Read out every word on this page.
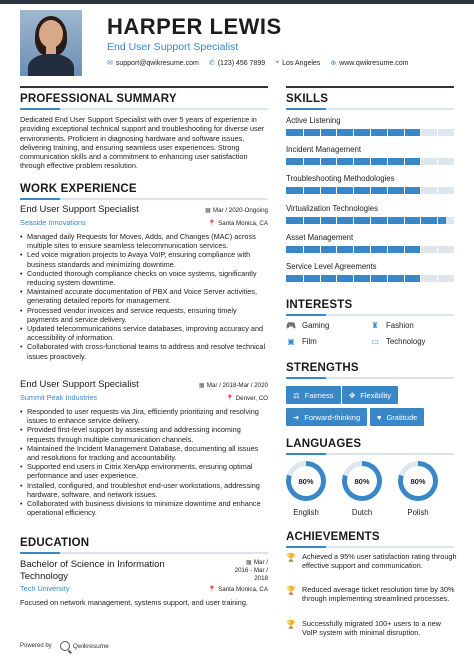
HARPER LEWIS
End User Support Specialist
✉ support@qwikresume.com ✆ (123) 456 7899 ⌖ Los Angeles ⊕ www.qwikresume.com
PROFESSIONAL SUMMARY
Dedicated End User Support Specialist with over 5 years of experience in providing exceptional technical support and troubleshooting for diverse user environments. Proficient in diagnosing hardware and software issues, delivering training, and ensuring seamless user experiences. Strong communication skills and a commitment to enhancing user satisfaction through effective problem resolution.
WORK EXPERIENCE
End User Support Specialist	▦ Mar / 2020-Ongoing
Seaside Innovations	📍 Santa Monica, CA
• Managed daily Requests for Moves, Adds, and Changes (MAC) across multiple sites to ensure seamless telecommunication services.
• Led voice migration projects to Avaya VoIP, ensuring compliance with business standards and minimizing downtime.
• Conducted thorough compliance checks on voice systems, significantly reducing system downtime.
• Maintained accurate documentation of PBX and Voice Server activities, generating detailed reports for management.
• Processed vendor invoices and service requests, ensuring timely payments and service delivery.
• Updated telecommunications service databases, improving accuracy and accessibility of information.
• Collaborated with cross-functional teams to address and resolve technical issues proactively.
End User Support Specialist	▦ Mar / 2018-Mar / 2020
Summit Peak Industries	📍 Denver, CO
• Responded to user requests via Jira, efficiently prioritizing and resolving issues to enhance service delivery.
• Provided first-level support by assessing and addressing incoming requests through multiple communication channels.
• Maintained the Incident Management Database, documenting all issues and resolutions for tracking and accountability.
• Supported end users in Citrix XenApp environments, ensuring optimal performance and user experience.
• Installed, configured, and troubleshot end-user workstations, addressing hardware, software, and network issues.
• Collaborated with business divisions to minimize downtime and enhance operational efficiency.
EDUCATION
Bachelor of Science in Information
Technology
▦ Mar /
2016 - Mar /
2018
Tech University	📍 Santa Monica, CA
Focused on network management, systems support, and user training.
SKILLS
Active Listening
Incident Management
Troubleshooting Methodologies
Virtualization Technologies
Asset Management
Service Level Agreements
INTERESTS
🎮 Gaming	♜ Fashion
▣ Film	▭ Technology
STRENGTHS
⚖ Fairness ✥ Flexibility
➜ Forward-thinking ♥ Gratitude
LANGUAGES
80%
English
80%
Dutch
80%
Polish
ACHIEVEMENTS
🏆 Achieved a 95% user satisfaction rating through effective support and communication.
🏆 Reduced average ticket resolution time by 30% through implementing streamlined processes.
🏆 Successfully migrated 100+ users to a new VoIP system with minimal disruption.
Powered by	Qwikresume
